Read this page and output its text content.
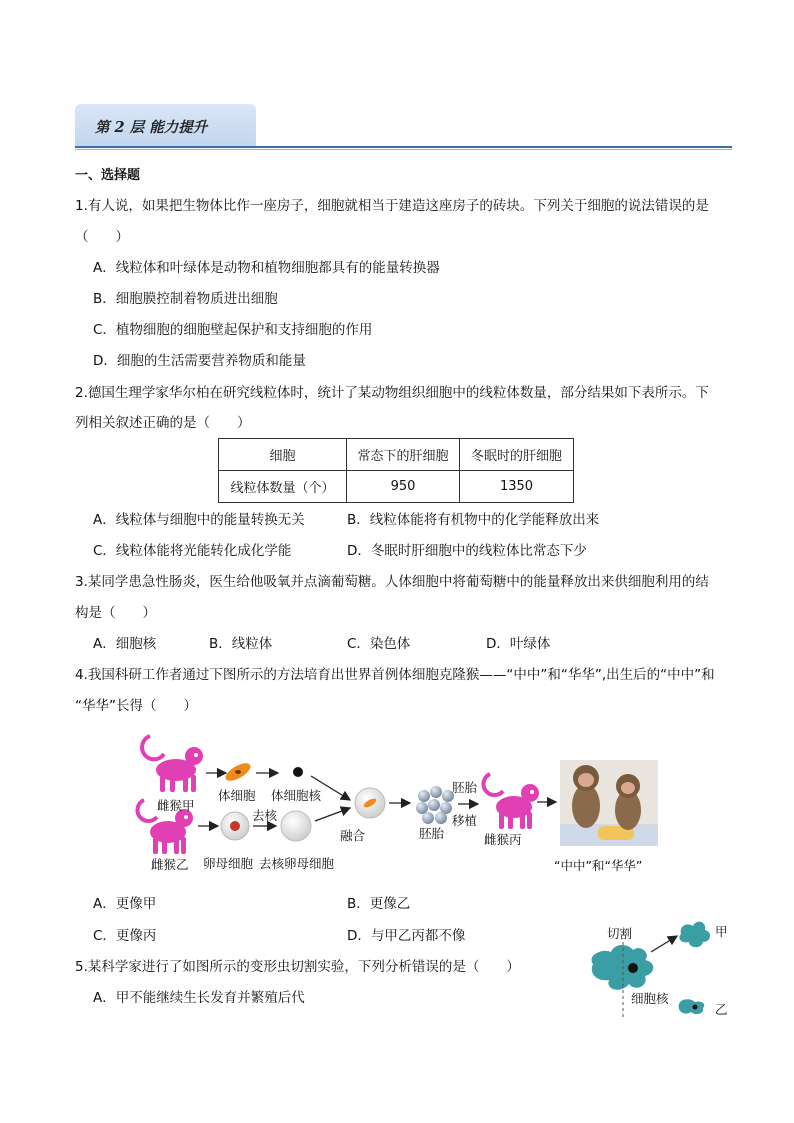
第 2 层 能力提升
一、选择题
1.有人说，如果把生物体比作一座房子，细胞就相当于建造这座房子的砖块。下列关于细胞的说法错误的是
（　　）
A．线粒体和叶绿体是动物和植物细胞都具有的能量转换器
B．细胞膜控制着物质进出细胞
C．植物细胞的细胞壁起保护和支持细胞的作用
D．细胞的生活需要营养物质和能量
2.德国生理学家华尔柏在研究线粒体时，统计了某动物组织细胞中的线粒体数量，部分结果如下表所示。下
列相关叙述正确的是（　　）
细胞	常态下的肝细胞	冬眠时的肝细胞
线粒体数量（个）	950	1350
A．线粒体与细胞中的能量转换无关	B．线粒体能将有机物中的化学能释放出来
C．线粒体能将光能转化成化学能	D．冬眠时肝细胞中的线粒体比常态下少
3.某同学患急性肠炎，医生给他吸氧并点滴葡萄糖。人体细胞中将葡萄糖中的能量释放出来供细胞利用的结
构是（　　）
A．细胞核	B．线粒体	C．染色体	D．叶绿体
4.我国科研工作者通过下图所示的方法培育出世界首例体细胞克隆猴——“中中”和“华华”,出生后的“中中”和
“华华”长得（　　）
雌猴甲
体细胞 体细胞核
去核
雌猴乙 卵母细胞 去核卵母细胞
融合	胚胎
胚胎
移植
雌猴丙
“中中”和“华华”
A．更像甲	B．更像乙
C．更像丙	D．与甲乙丙都不像
5.某科学家进行了如图所示的变形虫切割实验，下列分析错误的是（　　）
A．甲不能继续生长发育并繁殖后代
切割	甲
细胞核
乙
